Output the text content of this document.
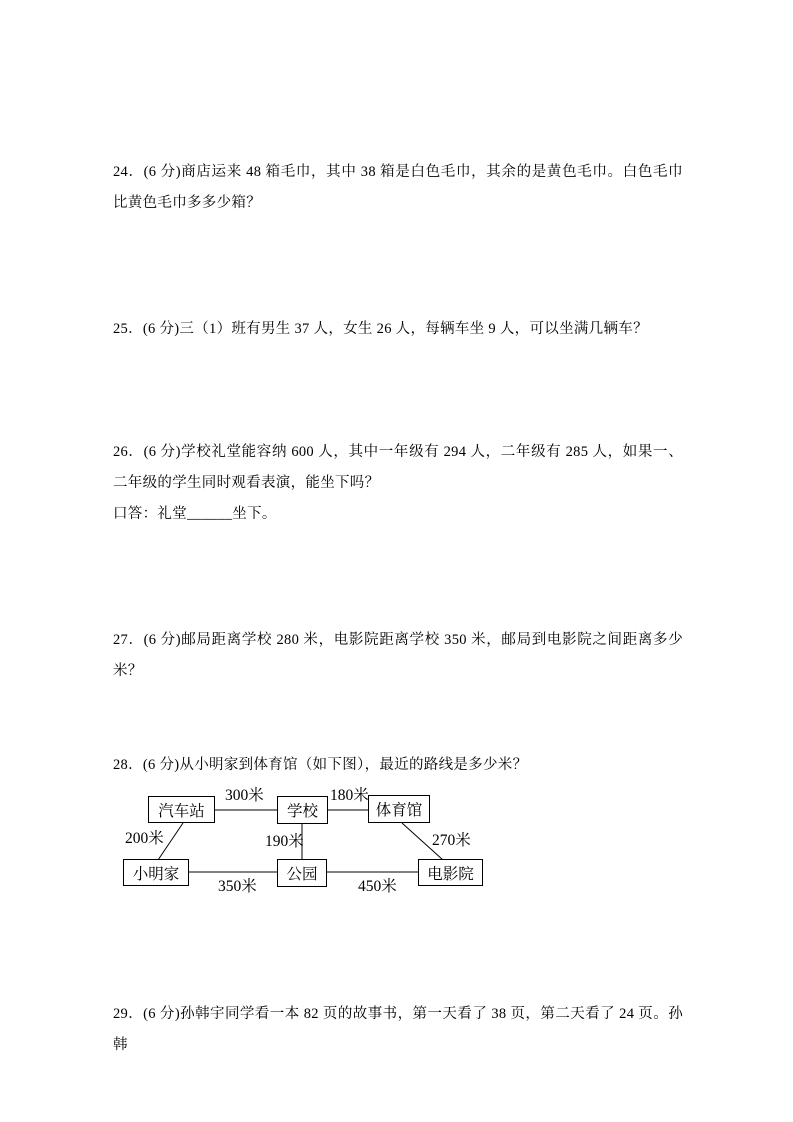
24．(6 分)商店运来 48 箱毛巾，其中 38 箱是白色毛巾，其余的是黄色毛巾。白色毛巾比黄色毛巾多多少箱？

25．(6 分)三（1）班有男生 37 人，女生 26 人，每辆车坐 9 人，可以坐满几辆车？

26．(6 分)学校礼堂能容纳 600 人，其中一年级有 294 人，二年级有 285 人，如果一、二年级的学生同时观看表演，能坐下吗？

口答：礼堂______坐下。

27．(6 分)邮局距离学校 280 米，电影院距离学校 350 米，邮局到电影院之间距离多少米？

28．(6 分)从小明家到体育馆（如下图），最近的路线是多少米？

汽车站	学校	体育馆
小明家	公园	电影院
300米	180米
200米	190米	270米
350米	450米

29．(6 分)孙韩宇同学看一本 82 页的故事书，第一天看了 38 页，第二天看了 24 页。孙韩
